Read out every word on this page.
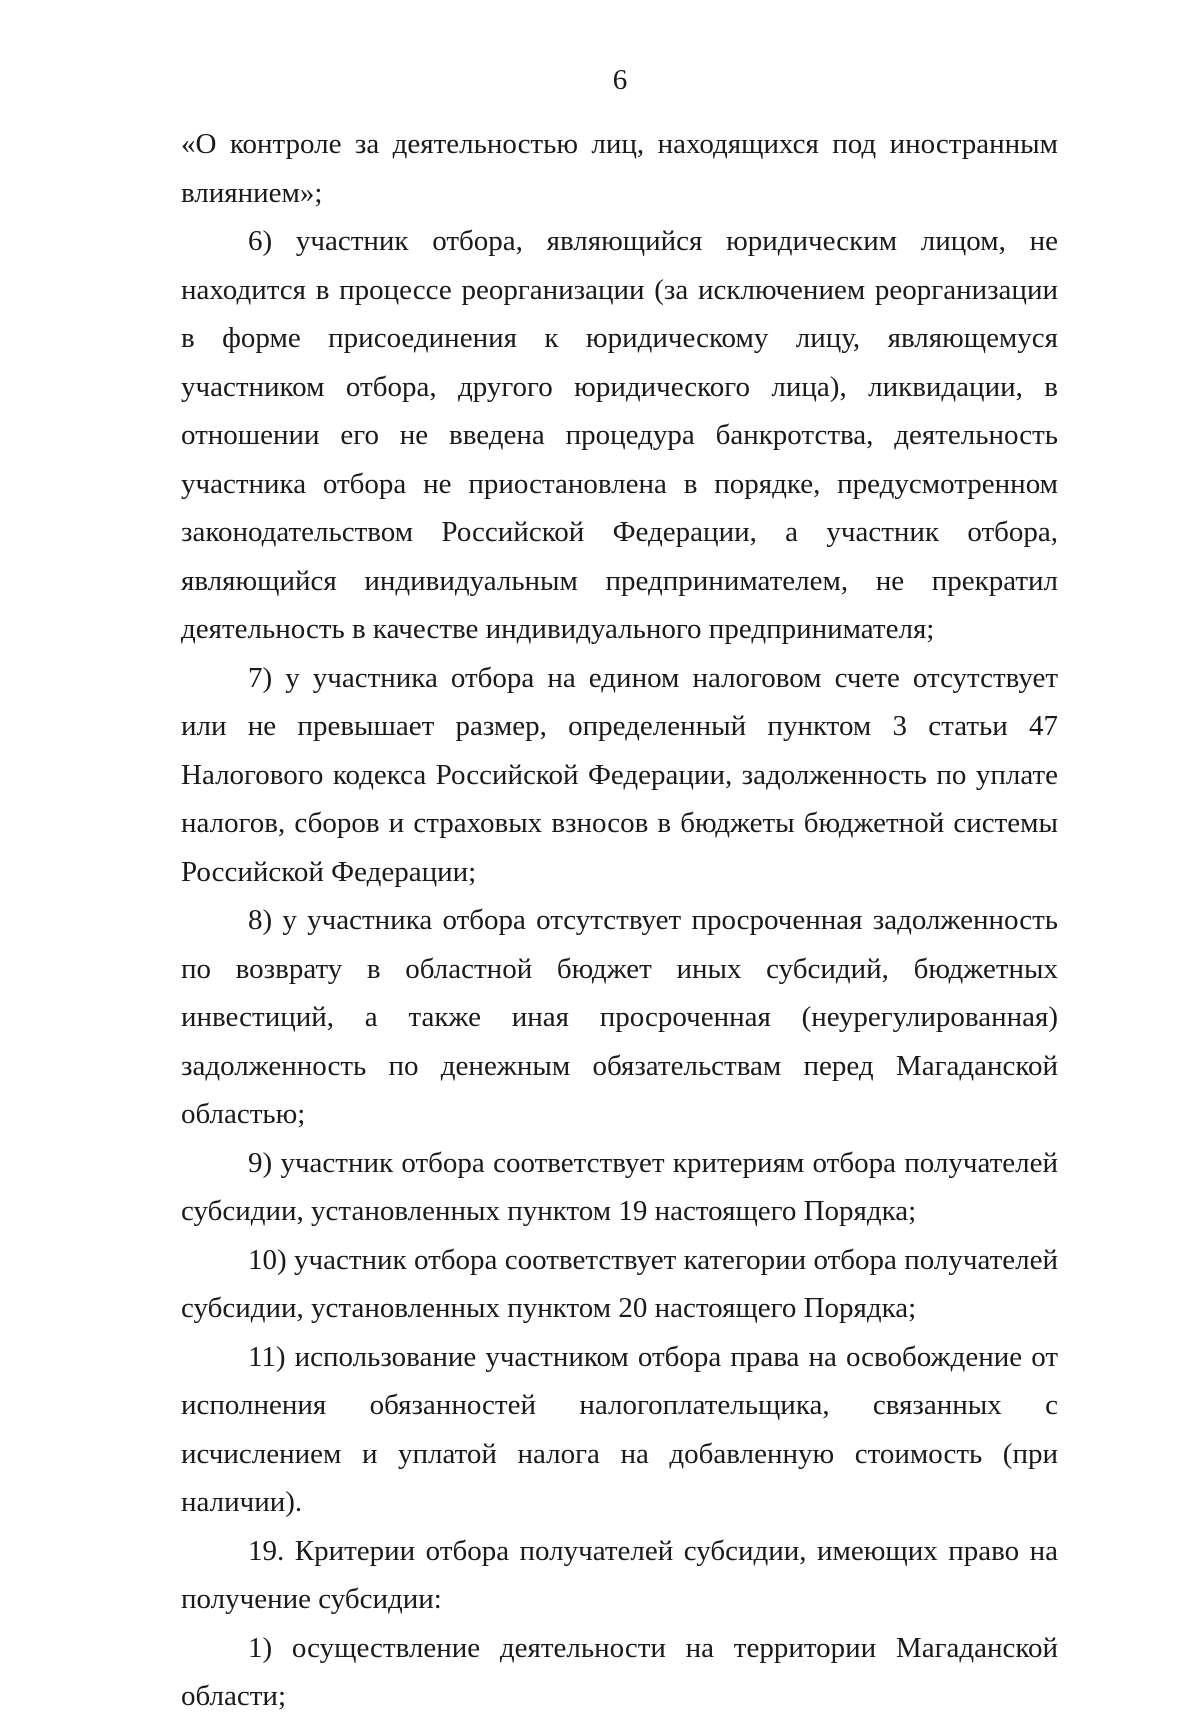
6

«О контроле за деятельностью лиц, находящихся под иностранным влиянием»;

6) участник отбора, являющийся юридическим лицом, не находится в процессе реорганизации (за исключением реорганизации в форме присоединения к юридическому лицу, являющемуся участником отбора, другого юридического лица), ликвидации, в отношении его не введена процедура банкротства, деятельность участника отбора не приостановлена в порядке, предусмотренном законодательством Российской Федерации, а участник отбора, являющийся индивидуальным предпринимателем, не прекратил деятельность в качестве индивидуального предпринимателя;

7) у участника отбора на едином налоговом счете отсутствует или не превышает размер, определенный пунктом 3 статьи 47 Налогового кодекса Российской Федерации, задолженность по уплате налогов, сборов и страховых взносов в бюджеты бюджетной системы Российской Федерации;

8) у участника отбора отсутствует просроченная задолженность по возврату в областной бюджет иных субсидий, бюджетных инвестиций, а также иная просроченная (неурегулированная) задолженность по денежным обязательствам перед Магаданской областью;

9) участник отбора соответствует критериям отбора получателей субсидии, установленных пунктом 19 настоящего Порядка;

10) участник отбора соответствует категории отбора получателей субсидии, установленных пунктом 20 настоящего Порядка;

11) использование участником отбора права на освобождение от исполнения обязанностей налогоплательщика, связанных с исчислением и уплатой налога на добавленную стоимость (при наличии).

19. Критерии отбора получателей субсидии, имеющих право на получение субсидии:

1) осуществление деятельности на территории Магаданской области;
